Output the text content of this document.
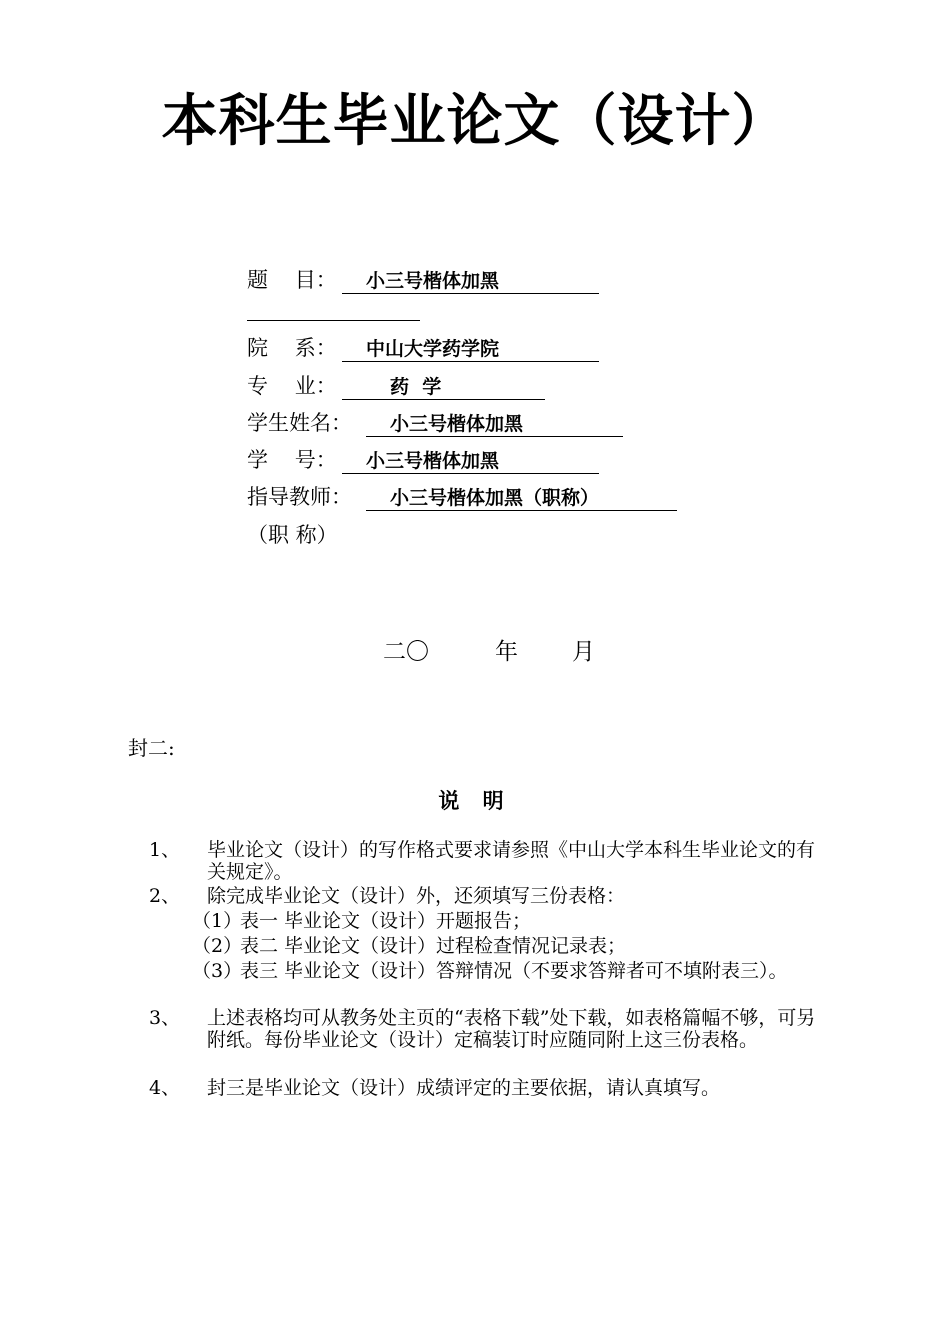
本科生毕业论文（设计）
题    目： 小三号楷体加黑
院    系： 中山大学药学院
专    业：	药  学
学生姓名： 小三号楷体加黑
学    号： 小三号楷体加黑
指导教师： 小三号楷体加黑（职称）
（职 称）
二〇	年 月
封二:
说 明
1、 毕业论文（设计）的写作格式要求请参照《中山大学本科生毕业论文的有关规定》。
2、 除完成毕业论文（设计）外，还须填写三份表格：
（1）
表一 毕业论文（设计）开题报告；
（2）
表二 毕业论文（设计）过程检查情况记录表；
（3）
表三 毕业论文（设计）答辩情况（不要求答辩者可不填附表三）。
3、 上述表格均可从教务处主页的“表格下载”处下载，如表格篇幅不够，可另附纸。每份毕业论文（设计）定稿装订时应随同附上这三份表格。
4、 封三是毕业论文（设计）成绩评定的主要依据，请认真填写。
